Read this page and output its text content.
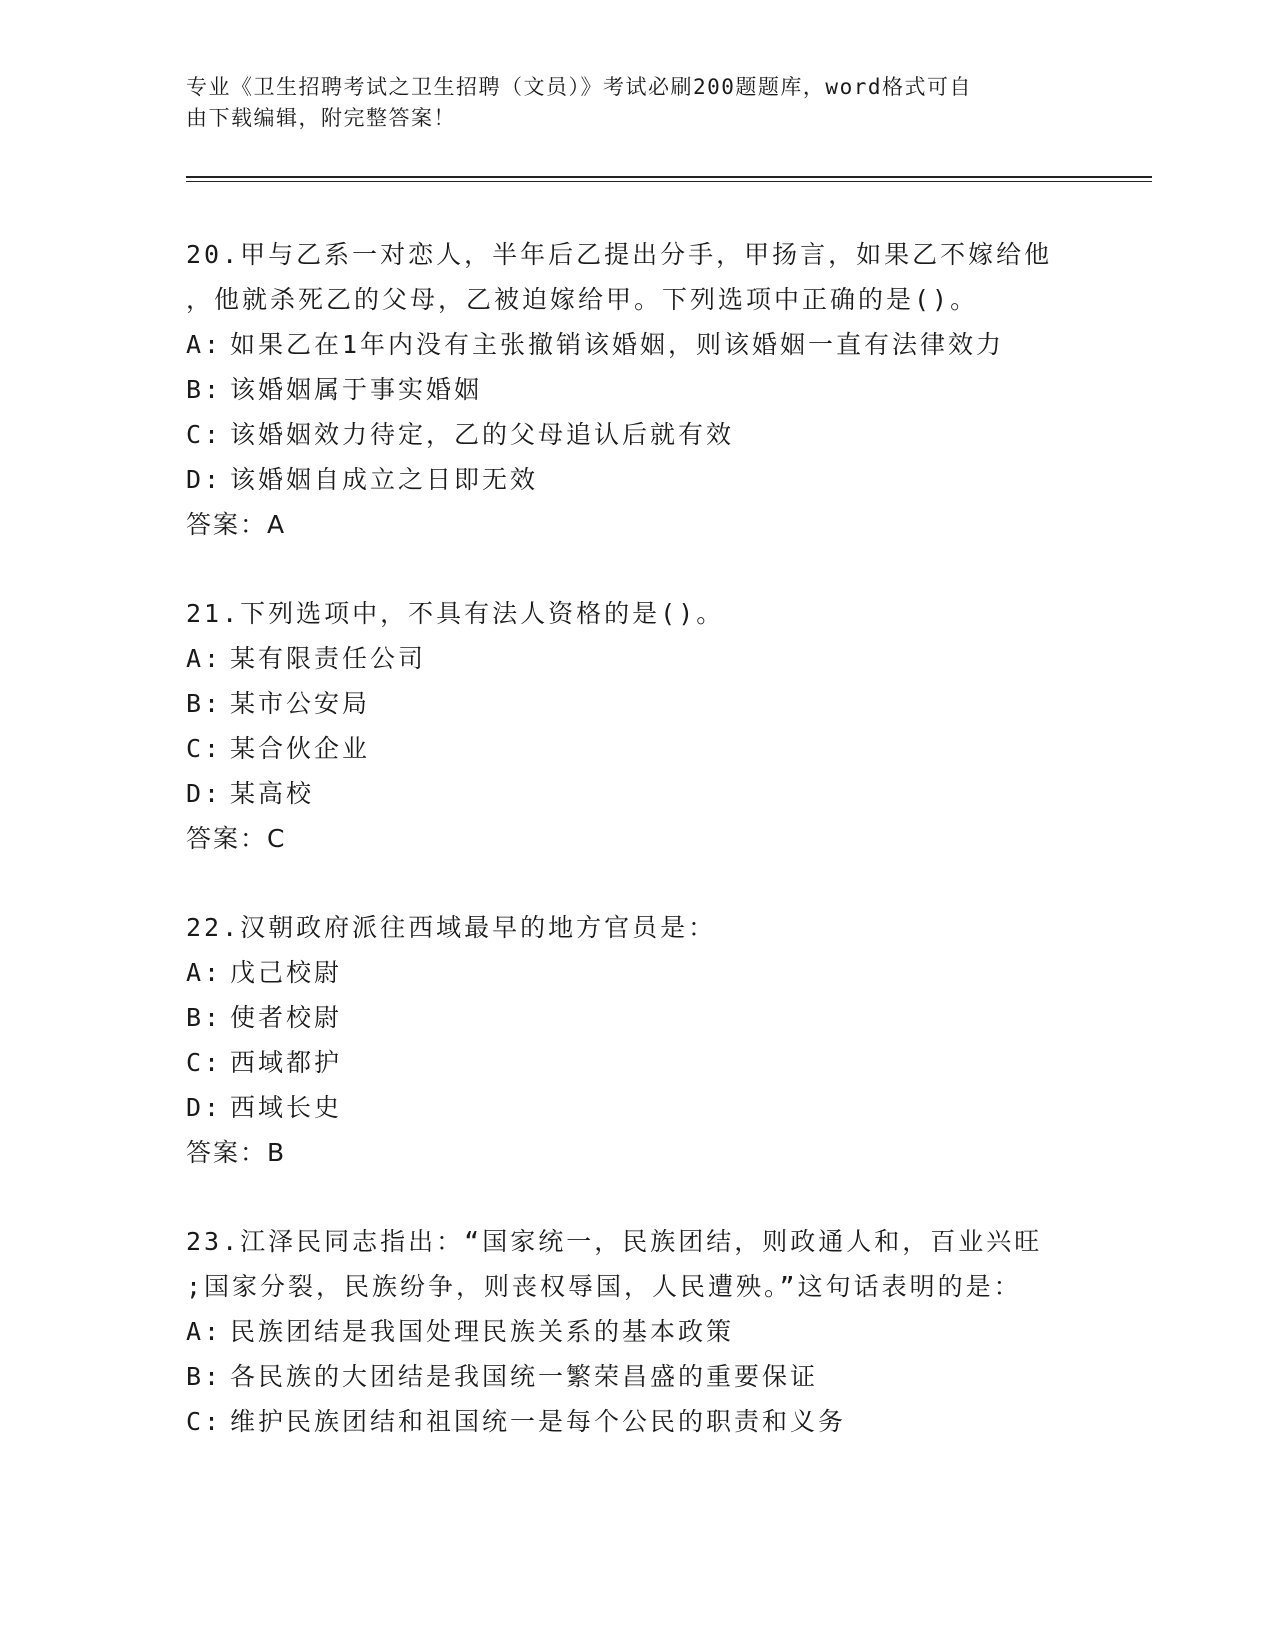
专业《卫生招聘考试之卫生招聘（文员）》考试必刷200题题库，word格式可自
由下载编辑，附完整答案！
20.甲与乙系一对恋人，半年后乙提出分手，甲扬言，如果乙不嫁给他
，他就杀死乙的父母，乙被迫嫁给甲。下列选项中正确的是()。
A: 如果乙在1年内没有主张撤销该婚姻，则该婚姻一直有法律效力
B: 该婚姻属于事实婚姻
C: 该婚姻效力待定，乙的父母追认后就有效
D: 该婚姻自成立之日即无效
答案：A
21.下列选项中，不具有法人资格的是()。
A: 某有限责任公司
B: 某市公安局
C: 某合伙企业
D: 某高校
答案：C
22.汉朝政府派往西域最早的地方官员是：
A: 戊己校尉
B: 使者校尉
C: 西域都护
D: 西域长史
答案：B
23.江泽民同志指出：“国家统一，民族团结，则政通人和，百业兴旺
;国家分裂，民族纷争，则丧权辱国，人民遭殃。”这句话表明的是：
A: 民族团结是我国处理民族关系的基本政策
B: 各民族的大团结是我国统一繁荣昌盛的重要保证
C: 维护民族团结和祖国统一是每个公民的职责和义务
